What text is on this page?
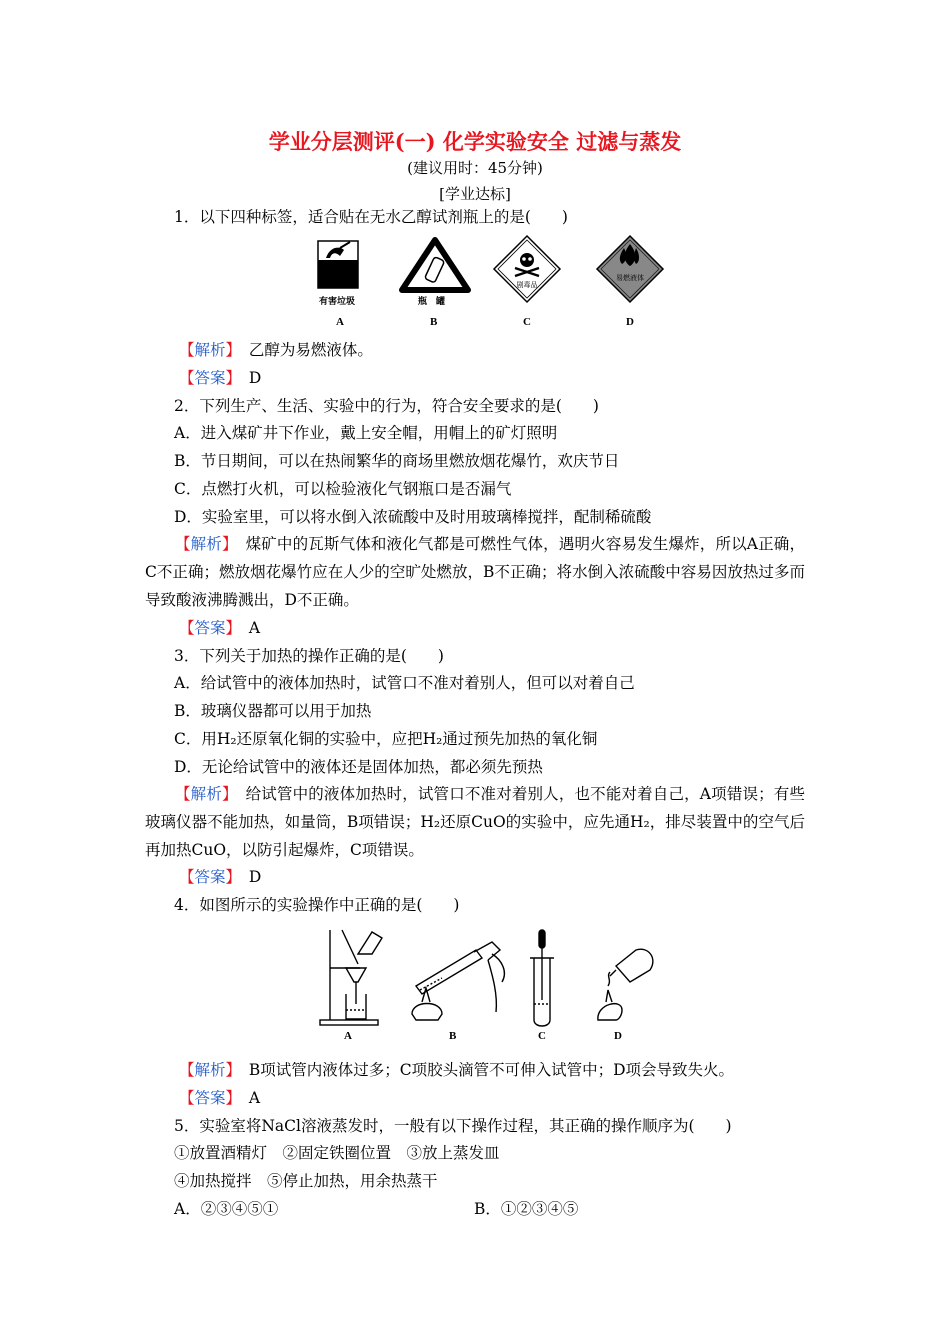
学业分层测评(一) 化学实验安全 过滤与蒸发
(建议用时：45分钟)
[学业达标]
1．以下四种标签，适合贴在无水乙醇试剂瓶上的是(　　)
剧毒品
易燃液体
有害垃圾	瓶　罐
A	B	C	D
【解析】　 乙醇为易燃液体。
【答案】　 D
2．下列生产、生活、实验中的行为，符合安全要求的是(　　)
A．进入煤矿井下作业，戴上安全帽，用帽上的矿灯照明
B．节日期间，可以在热闹繁华的商场里燃放烟花爆竹，欢庆节日
C．点燃打火机，可以检验液化气钢瓶口是否漏气
D．实验室里，可以将水倒入浓硫酸中及时用玻璃棒搅拌，配制稀硫酸
【解析】　 煤矿中的瓦斯气体和液化气都是可燃性气体，遇明火容易发生爆炸，所以A正确，C不正确；燃放烟花爆竹应在人少的空旷处燃放，B不正确；将水倒入浓硫酸中容易因放热过多而导致酸液沸腾溅出，D不正确。
【答案】　 A
3．下列关于加热的操作正确的是(　　)
A．给试管中的液体加热时，试管口不准对着别人，但可以对着自己
B．玻璃仪器都可以用于加热
C．用H₂还原氧化铜的实验中，应把H₂通过预先加热的氧化铜
D．无论给试管中的液体还是固体加热，都必须先预热
【解析】　 给试管中的液体加热时，试管口不准对着别人，也不能对着自己，A项错误；有些玻璃仪器不能加热，如量筒，B项错误；H₂还原CuO的实验中，应先通H₂，排尽装置中的空气后再加热CuO，以防引起爆炸，C项错误。
【答案】　 D
4．如图所示的实验操作中正确的是(　　)
A	B	C	D
【解析】　 B项试管内液体过多；C项胶头滴管不可伸入试管中；D项会导致失火。
【答案】　 A
5．实验室将NaCl溶液蒸发时，一般有以下操作过程，其正确的操作顺序为(　　)
①放置酒精灯　②固定铁圈位置　③放上蒸发皿
④加热搅拌　⑤停止加热，用余热蒸干
A．②③④⑤①	B．①②③④⑤
